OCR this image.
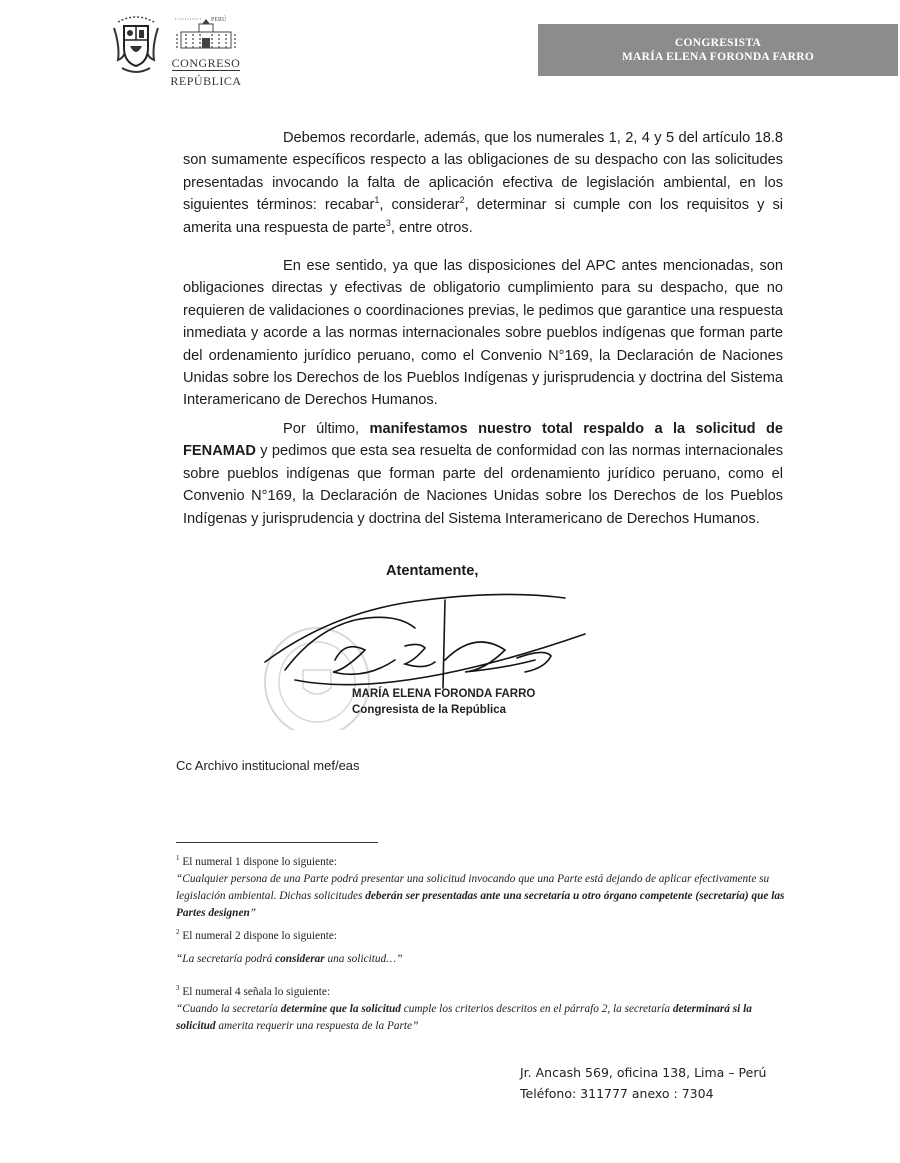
PERÚ
CONGRESO
REPÚBLICA
CONGRESISTA
MARÍA ELENA FORONDA FARRO
Debemos recordarle, además, que los numerales 1, 2, 4 y 5 del artículo 18.8 son sumamente específicos respecto a las obligaciones de su despacho con las solicitudes presentadas invocando la falta de aplicación efectiva de legislación ambiental, en los siguientes términos: recabar$^1$, considerar$^2$, determinar si cumple con los requisitos y si amerita una respuesta de parte$^3$, entre otros.
En ese sentido, ya que las disposiciones del APC antes mencionadas, son obligaciones directas y efectivas de obligatorio cumplimiento para su despacho, que no requieren de validaciones o coordinaciones previas, le pedimos que garantice una respuesta inmediata y acorde a las normas internacionales sobre pueblos indígenas que forman parte del ordenamiento jurídico peruano, como el Convenio N°169, la Declaración de Naciones Unidas sobre los Derechos de los Pueblos Indígenas y jurisprudencia y doctrina del Sistema Interamericano de Derechos Humanos.
Por último, manifestamos nuestro total respaldo a la solicitud de FENAMAD y pedimos que esta sea resuelta de conformidad con las normas internacionales sobre pueblos indígenas que forman parte del ordenamiento jurídico peruano, como el Convenio N°169, la Declaración de Naciones Unidas sobre los Derechos de los Pueblos Indígenas y jurisprudencia y doctrina del Sistema Interamericano de Derechos Humanos.
Atentamente,
MARÍA ELENA FORONDA FARRO
Congresista de la República
Cc Archivo institucional mef/eas
$^1$ El numeral 1 dispone lo siguiente:
“Cualquier persona de una Parte podrá presentar una solicitud invocando que una Parte está dejando de aplicar efectivamente su legislación ambiental. Dichas solicitudes deberán ser presentadas ante una secretaría u otro órgano competente (secretaría) que las Partes designen”
$^2$ El numeral 2 dispone lo siguiente:
“La secretaría podrá considerar una solicitud…”
$^3$ El numeral 4 señala lo siguiente:
“Cuando la secretaría determine que la solicitud cumple los criterios descritos en el párrafo 2, la secretaría determinará si la solicitud amerita requerir una respuesta de la Parte”
Jr. Ancash 569, oficina 138, Lima – Perú
Teléfono: 311777 anexo : 7304
